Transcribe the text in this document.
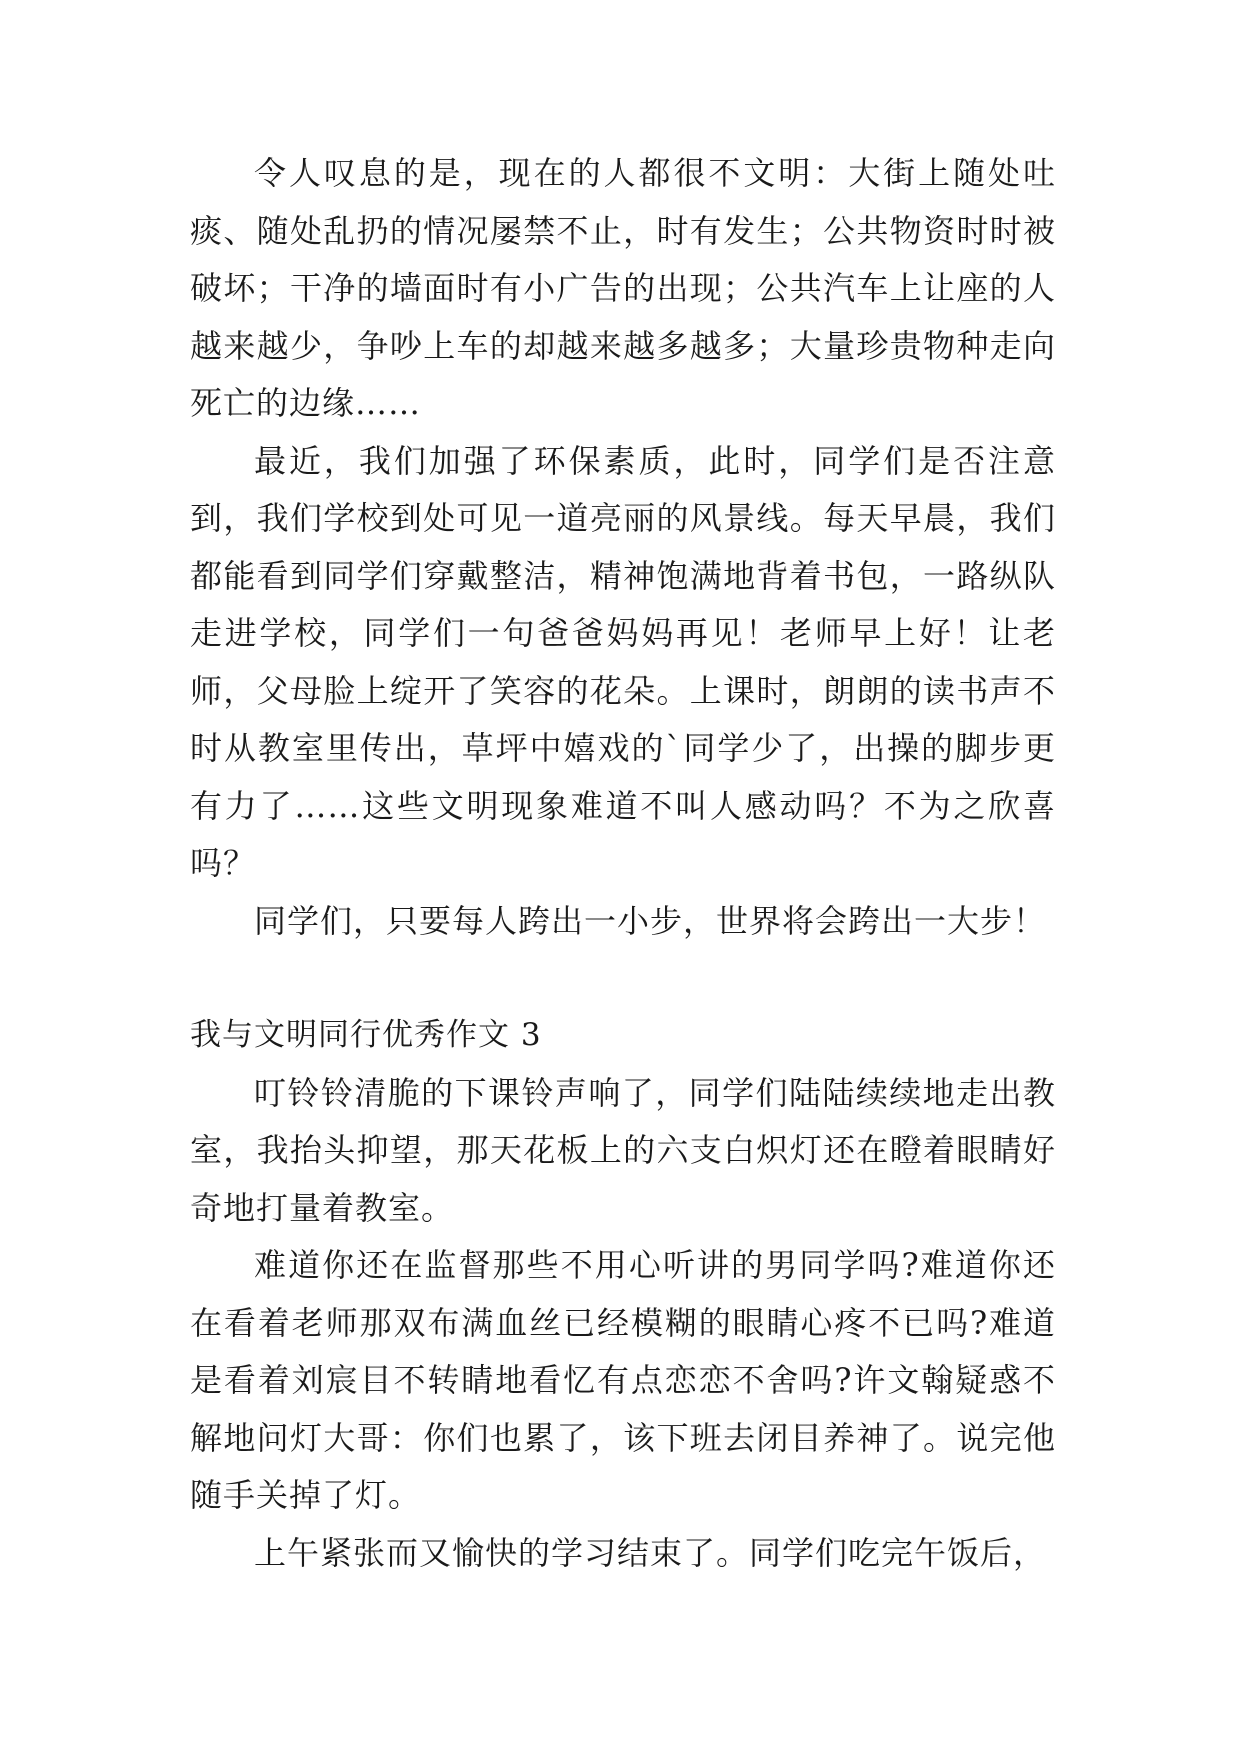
令人叹息的是，现在的人都很不文明：大街上随处吐痰、随处乱扔的情况屡禁不止，时有发生；公共物资时时被破坏；干净的墙面时有小广告的出现；公共汽车上让座的人越来越少，争吵上车的却越来越多越多；大量珍贵物种走向死亡的边缘……

最近，我们加强了环保素质，此时，同学们是否注意到，我们学校到处可见一道亮丽的风景线。每天早晨，我们都能看到同学们穿戴整洁，精神饱满地背着书包，一路纵队走进学校，同学们一句爸爸妈妈再见！老师早上好！让老师，父母脸上绽开了笑容的花朵。上课时，朗朗的读书声不时从教室里传出，草坪中嬉戏的`同学少了，出操的脚步更有力了……这些文明现象难道不叫人感动吗？不为之欣喜吗？

同学们，只要每人跨出一小步，世界将会跨出一大步！

我与文明同行优秀作文 3

叮铃铃清脆的下课铃声响了，同学们陆陆续续地走出教室，我抬头抑望，那天花板上的六支白炽灯还在瞪着眼睛好奇地打量着教室。

难道你还在监督那些不用心听讲的男同学吗?难道你还在看着老师那双布满血丝已经模糊的眼睛心疼不已吗?难道是看着刘宸目不转睛地看忆有点恋恋不舍吗?许文翰疑惑不解地问灯大哥：你们也累了，该下班去闭目养神了。说完他随手关掉了灯。

上午紧张而又愉快的学习结束了。同学们吃完午饭后，
